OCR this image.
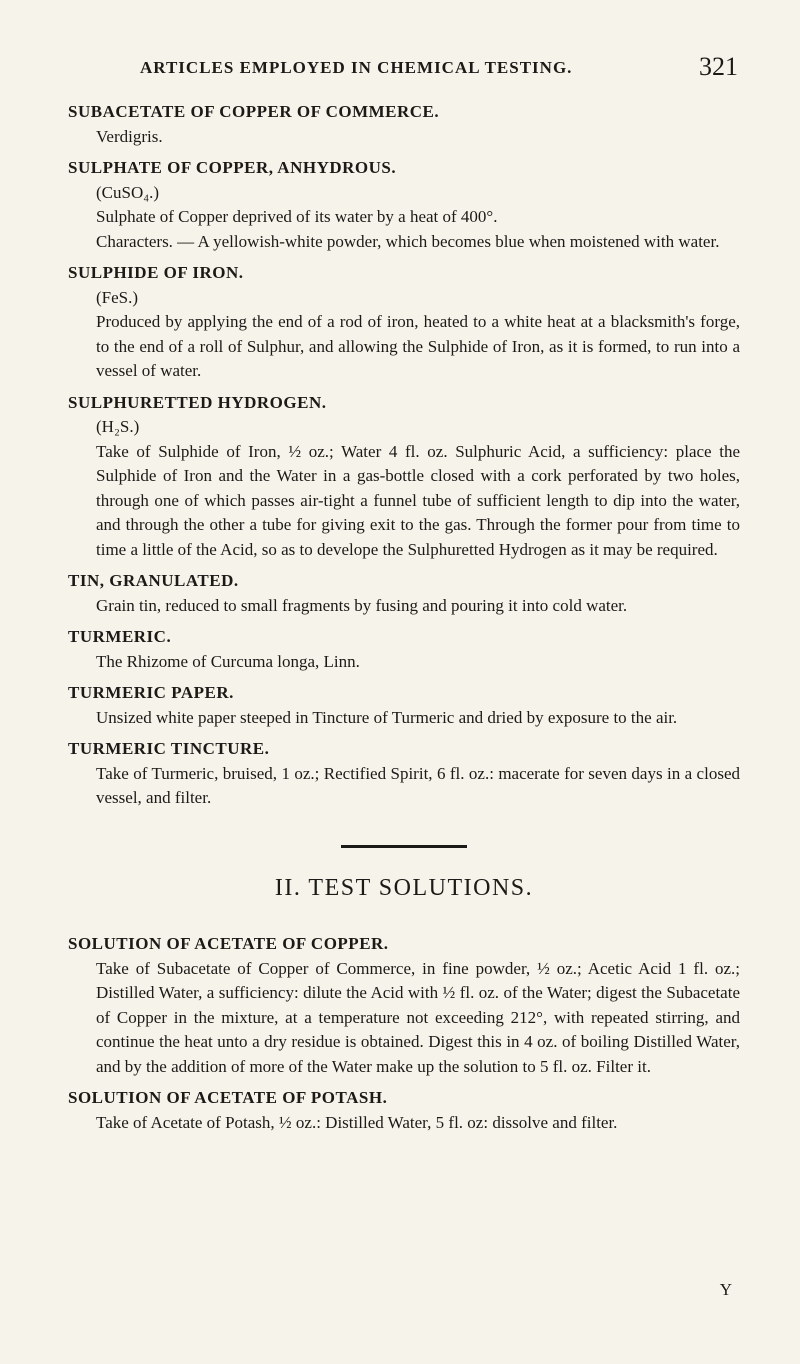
ARTICLES EMPLOYED IN CHEMICAL TESTING.	321
SUBACETATE OF COPPER OF COMMERCE.
Verdigris.
SULPHATE OF COPPER, ANHYDROUS.
(CuSO₄.)
Sulphate of Copper deprived of its water by a heat of 400°.
Characters. — A yellowish-white powder, which becomes blue when moistened with water.
SULPHIDE OF IRON.
(FeS.)
Produced by applying the end of a rod of iron, heated to a white heat at a blacksmith's forge, to the end of a roll of Sulphur, and allowing the Sulphide of Iron, as it is formed, to run into a vessel of water.
SULPHURETTED HYDROGEN.
(H₂S.)
Take of Sulphide of Iron, ½ oz.; Water 4 fl. oz. Sulphuric Acid, a sufficiency: place the Sulphide of Iron and the Water in a gas-bottle closed with a cork perforated by two holes, through one of which passes air-tight a funnel tube of sufficient length to dip into the water, and through the other a tube for giving exit to the gas. Through the former pour from time to time a little of the Acid, so as to develope the Sulphuretted Hydrogen as it may be required.
TIN, GRANULATED.
Grain tin, reduced to small fragments by fusing and pouring it into cold water.
TURMERIC.
The Rhizome of Curcuma longa, Linn.
TURMERIC PAPER.
Unsized white paper steeped in Tincture of Turmeric and dried by exposure to the air.
TURMERIC TINCTURE.
Take of Turmeric, bruised, 1 oz.; Rectified Spirit, 6 fl. oz.: macerate for seven days in a closed vessel, and filter.
II. TEST SOLUTIONS.
SOLUTION OF ACETATE OF COPPER.
Take of Subacetate of Copper of Commerce, in fine powder, ½ oz.; Acetic Acid 1 fl. oz.; Distilled Water, a sufficiency: dilute the Acid with ½ fl. oz. of the Water; digest the Subacetate of Copper in the mixture, at a temperature not exceeding 212°, with repeated stirring, and continue the heat unto a dry residue is obtained. Digest this in 4 oz. of boiling Distilled Water, and by the addition of more of the Water make up the solution to 5 fl. oz. Filter it.
SOLUTION OF ACETATE OF POTASH.
Take of Acetate of Potash, ½ oz.: Distilled Water, 5 fl. oz: dissolve and filter.
Y
